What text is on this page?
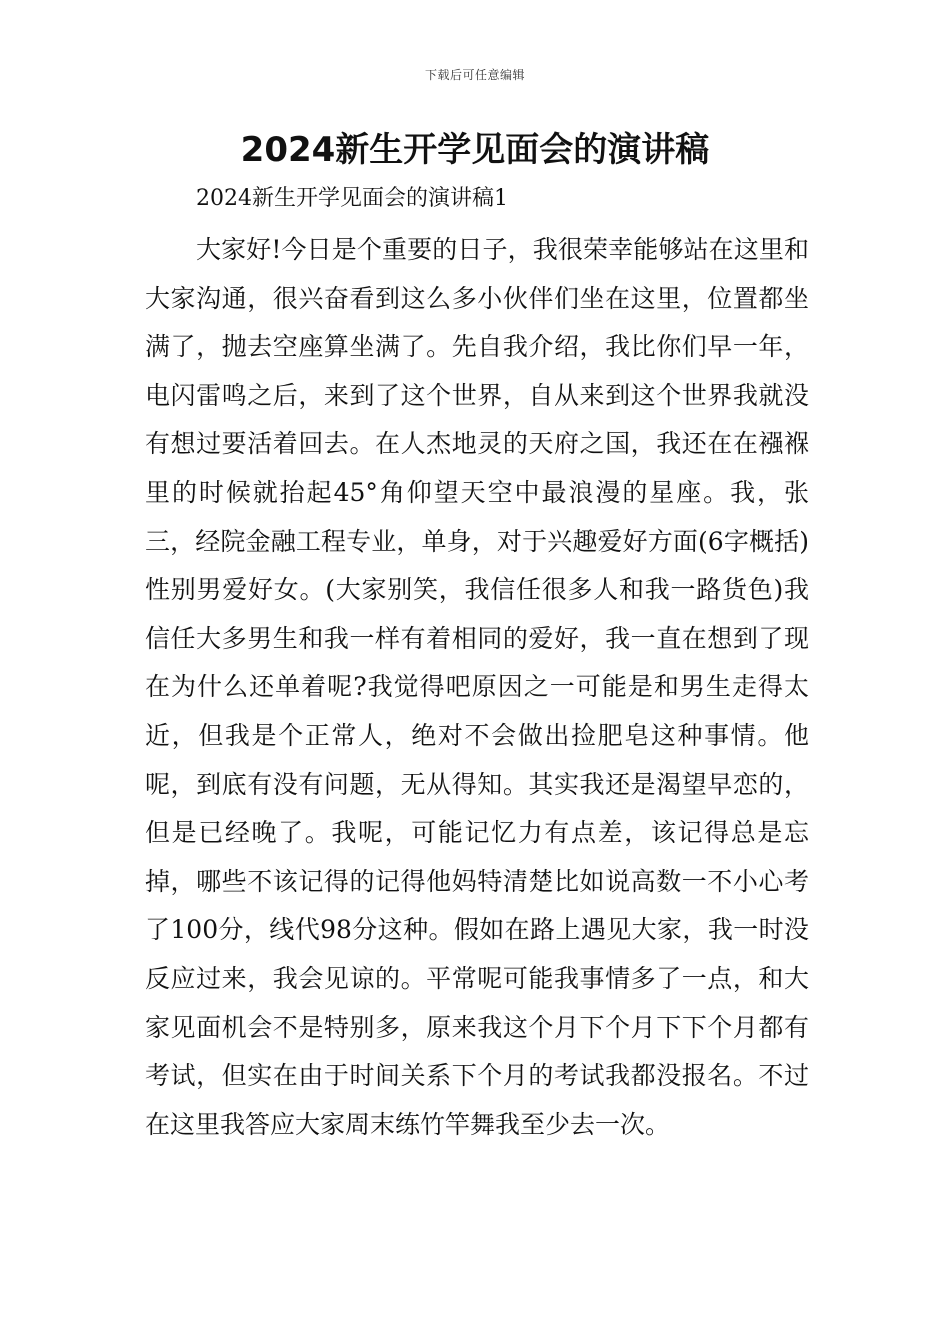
下载后可任意编辑
2024新生开学见面会的演讲稿

2024新生开学见面会的演讲稿1

大家好!今日是个重要的日子，我很荣幸能够站在这里和大家沟通，很兴奋看到这么多小伙伴们坐在这里，位置都坐满了，抛去空座算坐满了。先自我介绍，我比你们早一年，电闪雷鸣之后，来到了这个世界，自从来到这个世界我就没有想过要活着回去。在人杰地灵的天府之国，我还在在襁褓里的时候就抬起45°角仰望天空中最浪漫的星座。我，张三，经院金融工程专业，单身，对于兴趣爱好方面(6字概括)性别男爱好女。(大家别笑，我信任很多人和我一路货色)我信任大多男生和我一样有着相同的爱好，我一直在想到了现在为什么还单着呢?我觉得吧原因之一可能是和男生走得太近，但我是个正常人，绝对不会做出捡肥皂这种事情。他呢，到底有没有问题，无从得知。其实我还是渴望早恋的，但是已经晚了。我呢，可能记忆力有点差，该记得总是忘掉，哪些不该记得的记得他妈特清楚比如说高数一不小心考了100分，线代98分这种。假如在路上遇见大家，我一时没反应过来，我会见谅的。平常呢可能我事情多了一点，和大家见面机会不是特别多，原来我这个月下个月下下个月都有考试，但实在由于时间关系下个月的考试我都没报名。不过在这里我答应大家周末练竹竿舞我至少去一次。
